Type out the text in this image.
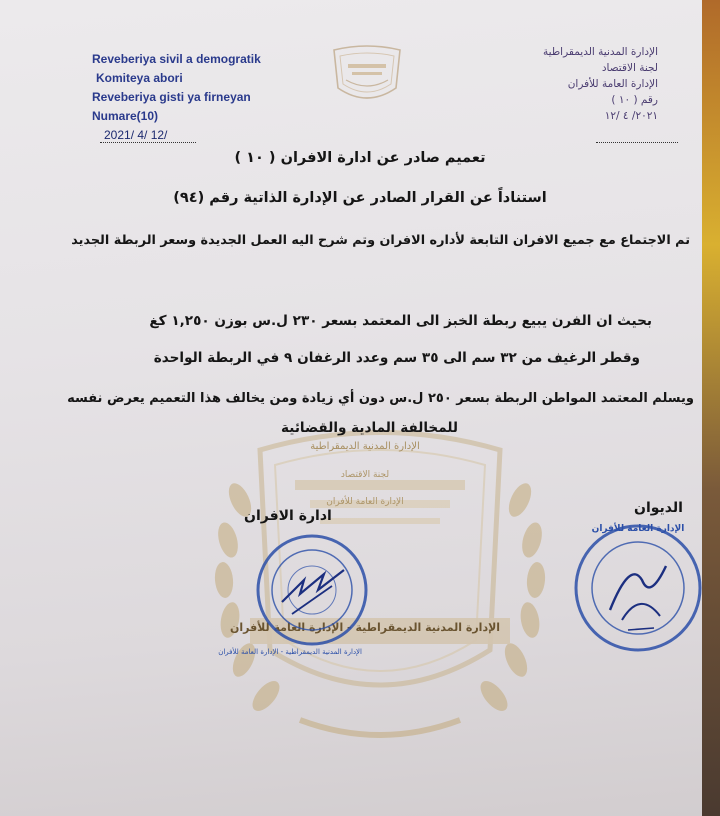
Reveberiya sivil a demogratik
Komiteya abori
Reveberiya gisti ya firneyan
Numare(10)
2021/ 4/ 12/
الإدارة المدنية الديمقراطية
لجنة الاقتصاد
الإدارة العامة للأفران
رقم ( ١٠ )
٢٠٢١/ ٤ /١٢
الإدارة المدنية الديمقراطية
لجنة الاقتصاد
الإدارة العامة للأفران
الإدارة المدنية الديمقراطية - الإدارة العامة للأفران
تعميم صادر عن ادارة الافران ( ١٠ )
استناداً عن القرار الصادر عن الإدارة الذاتية رقم (٩٤)
تم الاجتماع مع جميع الافران التابعة لأداره الافران وتم شرح اليه العمل الجديدة وسعر الربطة الجديد
بحيث ان الفرن يبيع ربطة الخبز الى المعتمد بسعر ٢٣٠ ل.س بوزن ١,٢٥٠ كغ
وقطر الرغيف من ٣٢ سم الى ٣٥ سم وعدد الرغفان ٩ في الربطة الواحدة
ويسلم المعتمد المواطن الربطة بسعر ٢٥٠ ل.س دون أي زيادة ومن يخالف هذا التعميم يعرض نفسه
للمخالفة المادية والقضائية
ادارة الافران	الديوان
الإدارة المدنية الديمقراطية - الإدارة العامة للأفران
الإدارة العامة للأفران
